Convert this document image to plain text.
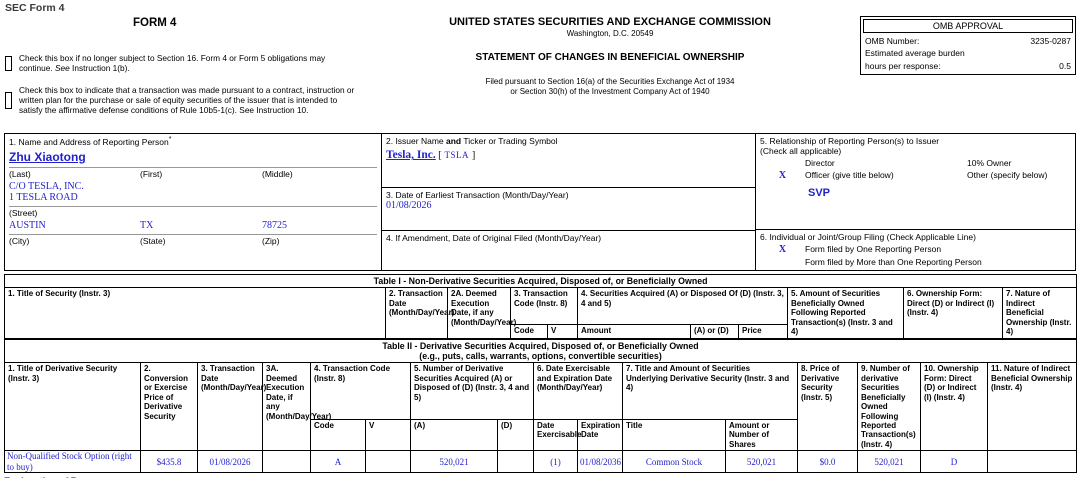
SEC Form 4
FORM 4	UNITED STATES SECURITIES AND EXCHANGE COMMISSION
Washington, D.C. 20549
STATEMENT OF CHANGES IN BENEFICIAL OWNERSHIP
Filed pursuant to Section 16(a) of the Securities Exchange Act of 1934
or Section 30(h) of the Investment Company Act of 1940
OMB APPROVAL
OMB Number:	3235-0287
Estimated average burden
hours per response:	0.5
Check this box if no longer subject to Section 16. Form 4 or Form 5 obligations may continue. See Instruction 1(b).
Check this box to indicate that a transaction was made pursuant to a contract, instruction or written plan for the purchase or sale of equity securities of the issuer that is intended to satisfy the affirmative defense conditions of Rule 10b5-1(c). See Instruction 10.
1. Name and Address of Reporting Person*
Zhu Xiaotong
(Last)	(First)	(Middle)
C/O TESLA, INC.
1 TESLA ROAD
(Street)
AUSTIN	TX	78725
(City)	(State)	(Zip)
2. Issuer Name and Ticker or Trading Symbol
Tesla, Inc. [ TSLA ]
3. Date of Earliest Transaction (Month/Day/Year)
01/08/2026
4. If Amendment, Date of Original Filed (Month/Day/Year)
5. Relationship of Reporting Person(s) to Issuer
(Check all applicable)
Director	10% Owner
X	Officer (give title below)	Other (specify below)
SVP
6. Individual or Joint/Group Filing (Check Applicable Line)
X	Form filed by One Reporting Person
Form filed by More than One Reporting Person
Table I - Non-Derivative Securities Acquired, Disposed of, or Beneficially Owned										
1. Title of Security (Instr. 3)	2. Transaction Date (Month/Day/Year)	2A. Deemed Execution Date, if any (Month/Day/Year)	3. Transaction Code (Instr. 8)		4. Securities Acquired (A) or Disposed Of (D) (Instr. 3, 4 and 5)			5. Amount of Securities Beneficially Owned Following Reported Transaction(s) (Instr. 3 and 4)	6. Ownership Form: Direct (D) or Indirect (I) (Instr. 4)	7. Nature of Indirect Beneficial Ownership (Instr. 4)
			Code	V	Amount	(A) or (D)	Price			
Table II - Derivative Securities Acquired, Disposed of, or Beneficially Owned
(e.g., puts, calls, warrants, options, convertible securities)															

1. Title of Derivative Security (Instr. 3)	2. Conversion or Exercise Price of Derivative Security	3. Transaction Date (Month/Day/Year)	3A. Deemed Execution Date, if any (Month/Day/Year)	4. Transaction Code (Instr. 8)		5. Number of Derivative Securities Acquired (A) or Disposed of (D) (Instr. 3, 4 and 5)		6. Date Exercisable and Expiration Date (Month/Day/Year)		7. Title and Amount of Securities Underlying Derivative Security (Instr. 3 and 4)		8. Price of Derivative Security (Instr. 5)	9. Number of derivative Securities Beneficially Owned Following Reported Transaction(s) (Instr. 4)	10. Ownership Form: Direct (D) or Indirect (I) (Instr. 4)	11. Nature of Indirect Beneficial Ownership (Instr. 4)
				Code	V	(A)	(D)	Date Exercisable	Expiration Date	Title	Amount or Number of Shares				
Non-Qualified Stock Option (right to buy)	$435.8	01/08/2026		A		520,021		(1)	01/08/2036	Common Stock	520,021	$0.0	520,021	D	
